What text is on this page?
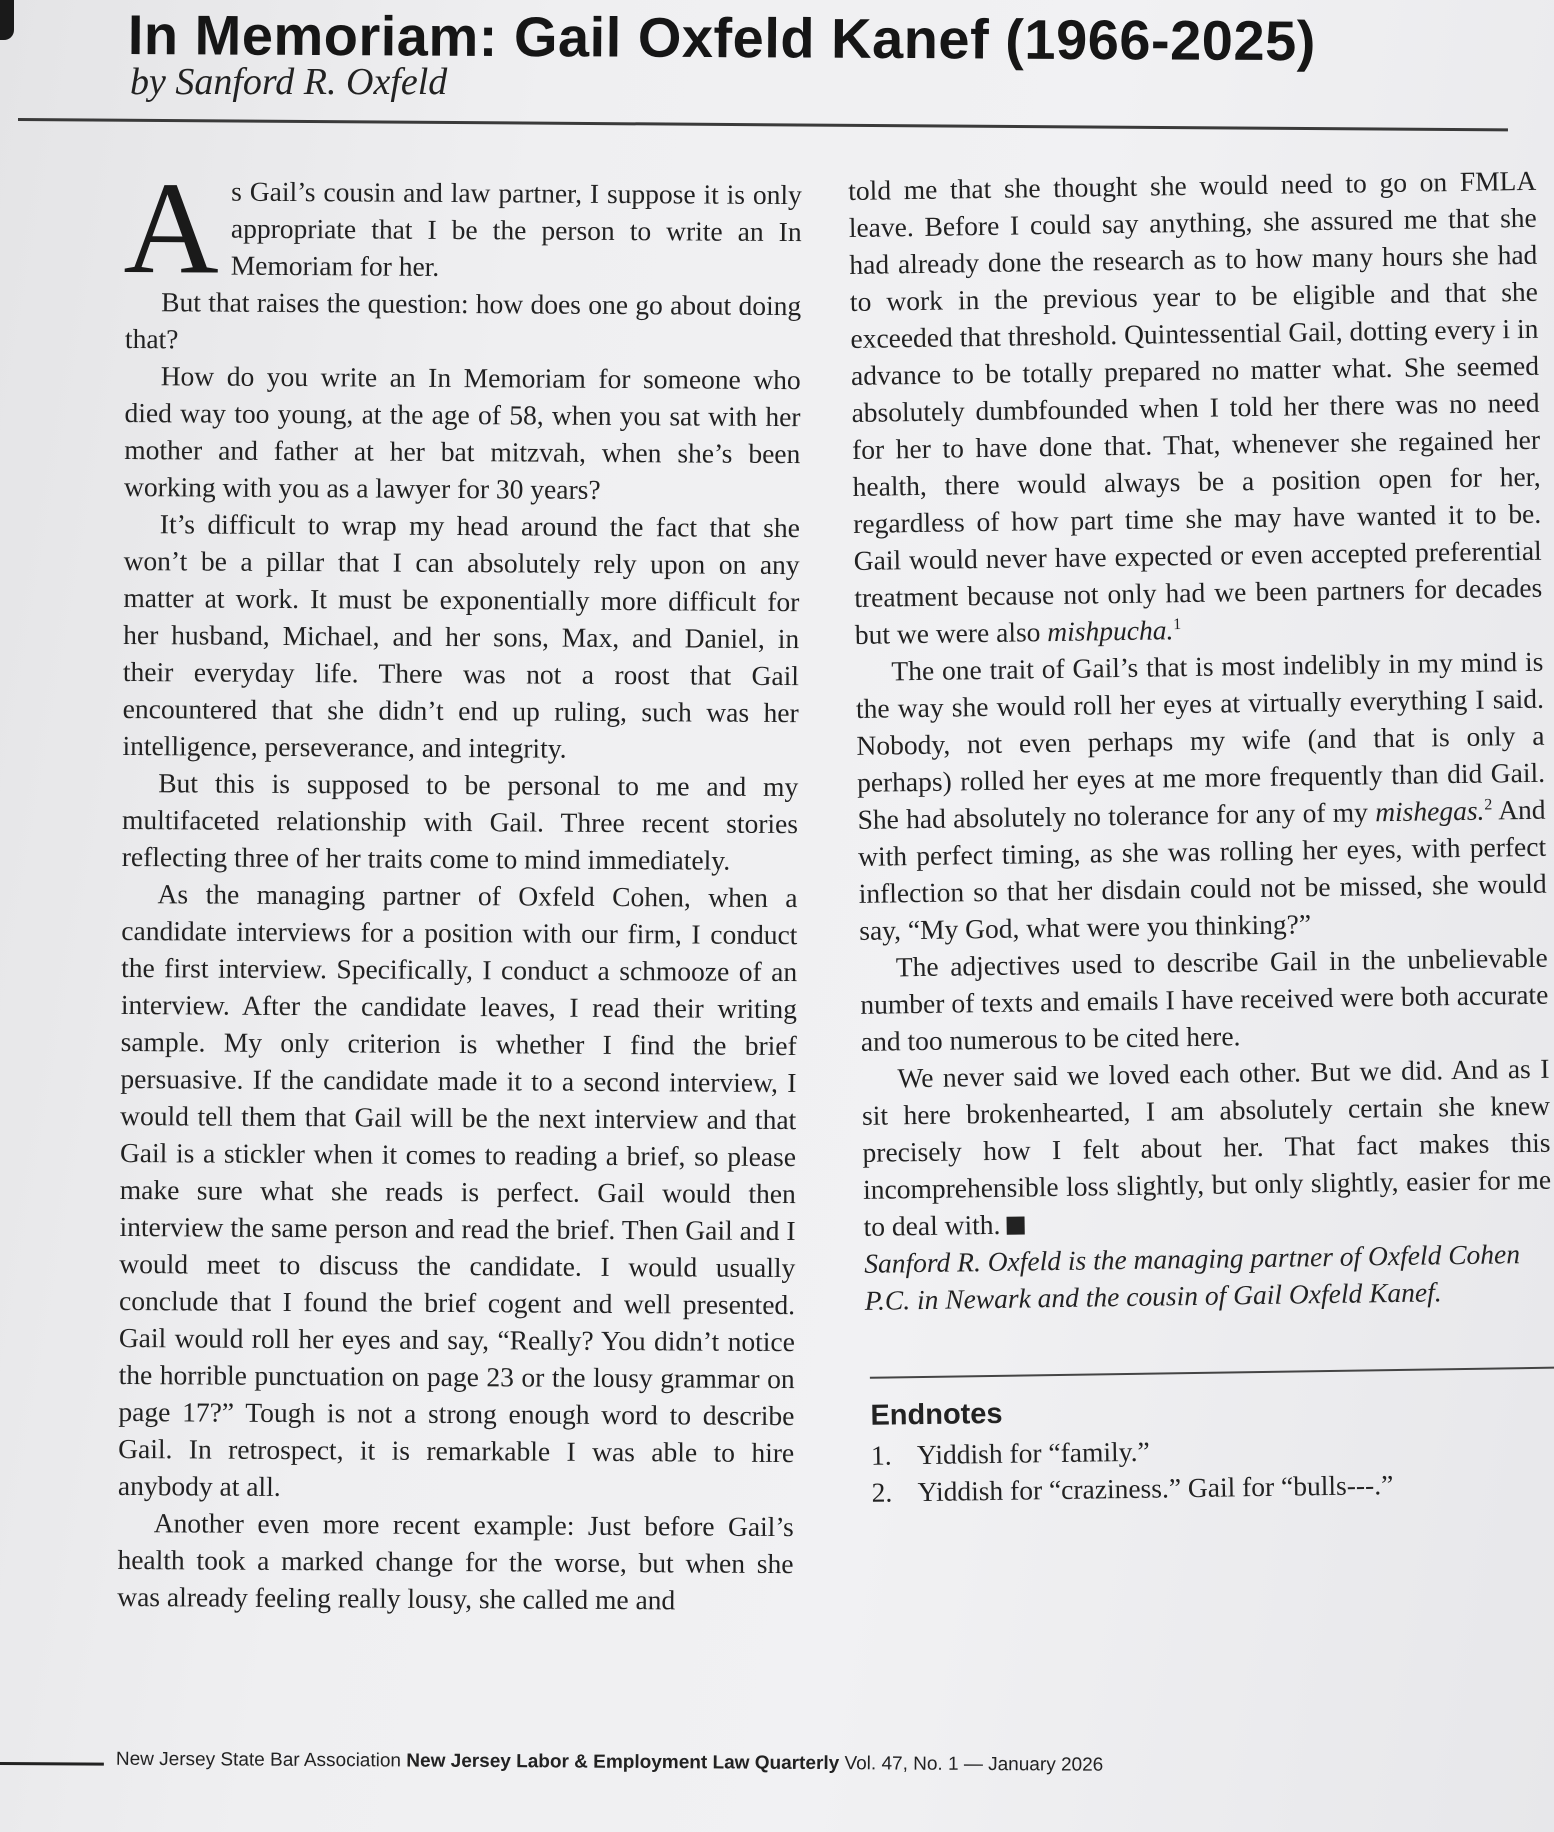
In Memoriam: Gail Oxfeld Kanef (1966-2025)
by Sanford R. Oxfeld

As Gail’s cousin and law partner, I suppose it is only appropriate that I be the person to write an In Memoriam for her.

But that raises the question: how does one go about doing that?

How do you write an In Memoriam for someone who died way too young, at the age of 58, when you sat with her mother and father at her bat mitzvah, when she’s been working with you as a lawyer for 30 years?

It’s difficult to wrap my head around the fact that she won’t be a pillar that I can absolutely rely upon on any matter at work. It must be exponentially more difficult for her husband, Michael, and her sons, Max, and Daniel, in their everyday life. There was not a roost that Gail encountered that she didn’t end up ruling, such was her intelligence, perseverance, and integrity.

But this is supposed to be personal to me and my multifaceted relationship with Gail. Three recent stories reflecting three of her traits come to mind immediately.

As the managing partner of Oxfeld Cohen, when a candidate interviews for a position with our firm, I conduct the first interview. Specifically, I conduct a schmooze of an interview. After the candidate leaves, I read their writing sample. My only criterion is whether I find the brief persuasive. If the candidate made it to a second interview, I would tell them that Gail will be the next interview and that Gail is a stickler when it comes to reading a brief, so please make sure what she reads is perfect. Gail would then interview the same person and read the brief. Then Gail and I would meet to discuss the candidate. I would usually conclude that I found the brief cogent and well presented. Gail would roll her eyes and say, “Really? You didn’t notice the horrible punctuation on page 23 or the lousy grammar on page 17?” Tough is not a strong enough word to describe Gail. In retrospect, it is remarkable I was able to hire anybody at all.

Another even more recent example: Just before Gail’s health took a marked change for the worse, but when she was already feeling really lousy, she called me and

told me that she thought she would need to go on FMLA leave. Before I could say anything, she assured me that she had already done the research as to how many hours she had to work in the previous year to be eligible and that she exceeded that threshold. Quintessential Gail, dotting every i in advance to be totally prepared no matter what. She seemed absolutely dumbfounded when I told her there was no need for her to have done that. That, whenever she regained her health, there would always be a position open for her, regardless of how part time she may have wanted it to be. Gail would never have expected or even accepted preferential treatment because not only had we been partners for decades but we were also mishpucha.$^1$

The one trait of Gail’s that is most indelibly in my mind is the way she would roll her eyes at virtually everything I said. Nobody, not even perhaps my wife (and that is only a perhaps) rolled her eyes at me more frequently than did Gail. She had absolutely no tolerance for any of my mishegas.$^2$ And with perfect timing, as she was rolling her eyes, with perfect inflection so that her disdain could not be missed, she would say, “My God, what were you thinking?”

The adjectives used to describe Gail in the unbelievable number of texts and emails I have received were both accurate and too numerous to be cited here.

We never said we loved each other. But we did. And as I sit here brokenhearted, I am absolutely certain she knew precisely how I felt about her. That fact makes this incomprehensible loss slightly, but only slightly, easier for me to deal with.

Sanford R. Oxfeld is the managing partner of Oxfeld Cohen P.C. in Newark and the cousin of Gail Oxfeld Kanef.

Endnotes
1. Yiddish for “family.”
2. Yiddish for “craziness.” Gail for “bulls---.”
New Jersey State Bar Association New Jersey Labor & Employment Law Quarterly Vol. 47, No. 1 — January 2026
